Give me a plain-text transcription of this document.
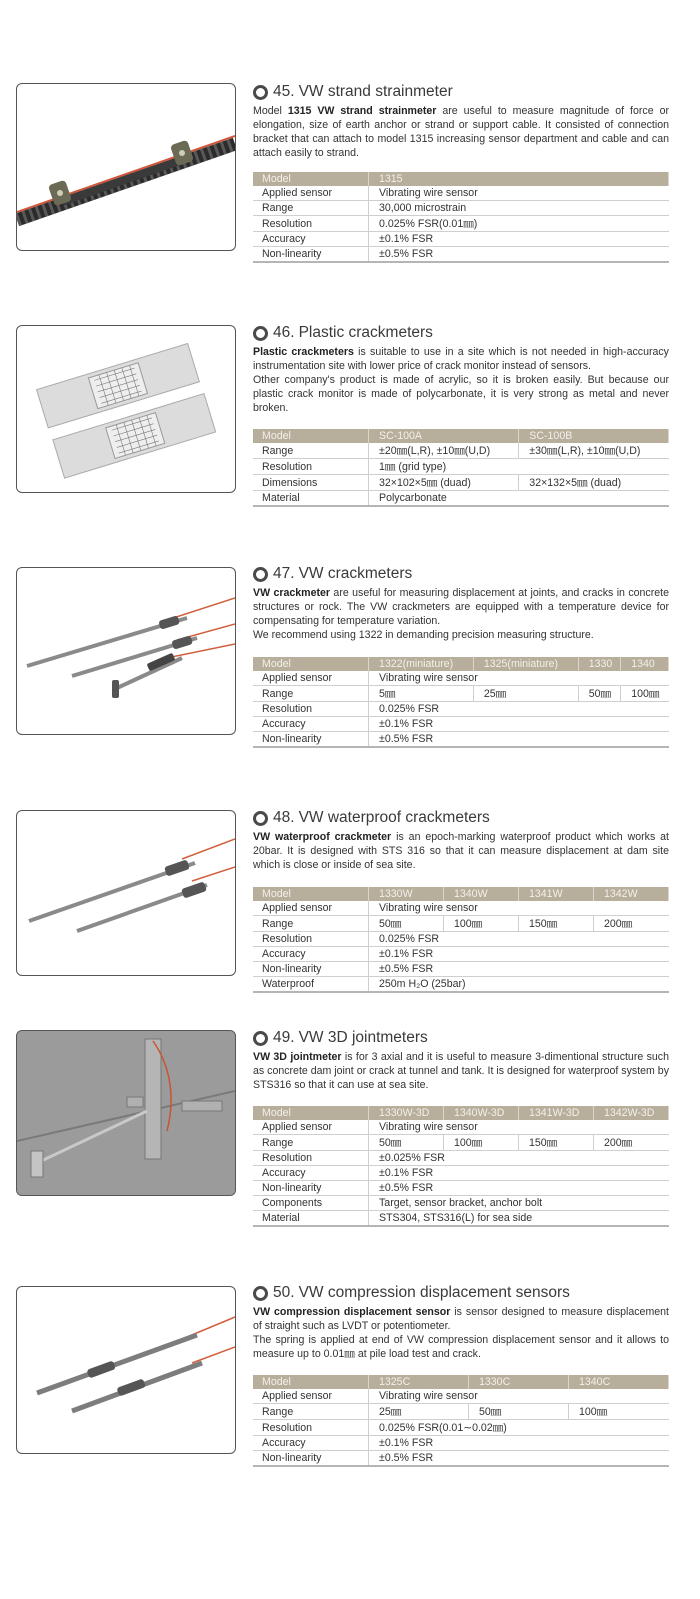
45. VW strand strainmeter

Model 1315 VW strand strainmeter are useful to measure magnitude of force or elongation, size of earth anchor or strand or support cable. It consisted of connection bracket that can attach to model 1315 increasing sensor department and cable and can attach easily to strand.

Model	1315
Applied sensor	Vibrating wire sensor
Range	30,000 microstrain
Resolution	0.025% FSR(0.01㎜)
Accuracy	±0.1% FSR
Non-linearity	±0.5% FSR
46. Plastic crackmeters

Plastic crackmeters is suitable to use in a site which is not needed in high-accuracy instrumentation site with lower price of crack monitor instead of sensors.

Other company's product is made of acrylic, so it is broken easily. But because our plastic crack monitor is made of polycarbonate, it is very strong as metal and never broken.

Model	SC-100A	SC-100B
Range	±20㎜(L,R), ±10㎜(U,D)	±30㎜(L,R), ±10㎜(U,D)
Resolution	1㎜ (grid type)	
Dimensions	32×102×5㎜ (duad)	32×132×5㎜ (duad)
Material	Polycarbonate	
47. VW crackmeters

VW crackmeter are useful for measuring displacement at joints, and cracks in concrete structures or rock. The VW crackmeters are equipped with a temperature device for compensating for temperature variation.

We recommend using 1322 in demanding precision measuring structure.

Model	1322(miniature)	1325(miniature)	1330	1340
Applied sensor	Vibrating wire sensor			
Range	5㎜	25㎜	50㎜	100㎜
Resolution	0.025% FSR			
Accuracy	±0.1% FSR			
Non-linearity	±0.5% FSR			
48. VW waterproof crackmeters

VW waterproof crackmeter is an epoch-marking waterproof product which works at 20bar. It is designed with STS 316 so that it can measure displacement at dam site which is close or inside of sea site.

Model	1330W	1340W	1341W	1342W
Applied sensor	Vibrating wire sensor			
Range	50㎜	100㎜	150㎜	200㎜
Resolution	0.025% FSR			
Accuracy	±0.1% FSR			
Non-linearity	±0.5% FSR			
Waterproof	250m H₂O (25bar)			
49. VW 3D jointmeters

VW 3D jointmeter is for 3 axial and it is useful to measure 3-dimentional structure such as concrete dam joint or crack at tunnel and tank. It is designed for waterproof system by STS316 so that it can use at sea site.

Model	1330W-3D	1340W-3D	1341W-3D	1342W-3D
Applied sensor	Vibrating wire sensor			
Range	50㎜	100㎜	150㎜	200㎜
Resolution	±0.025% FSR			
Accuracy	±0.1% FSR			
Non-linearity	±0.5% FSR			
Components	Target, sensor bracket, anchor bolt			
Material	STS304, STS316(L) for sea side			
50. VW compression displacement sensors

VW compression displacement sensor is sensor designed to measure displacement of straight such as LVDT or potentiometer.

The spring is applied at end of VW compression displacement sensor and it allows to measure up to 0.01㎜ at pile load test and crack.

Model	1325C	1330C	1340C
Applied sensor	Vibrating wire sensor		
Range	25㎜	50㎜	100㎜
Resolution	0.025% FSR(0.01∼0.02㎜)		
Accuracy	±0.1% FSR		
Non-linearity	±0.5% FSR		
